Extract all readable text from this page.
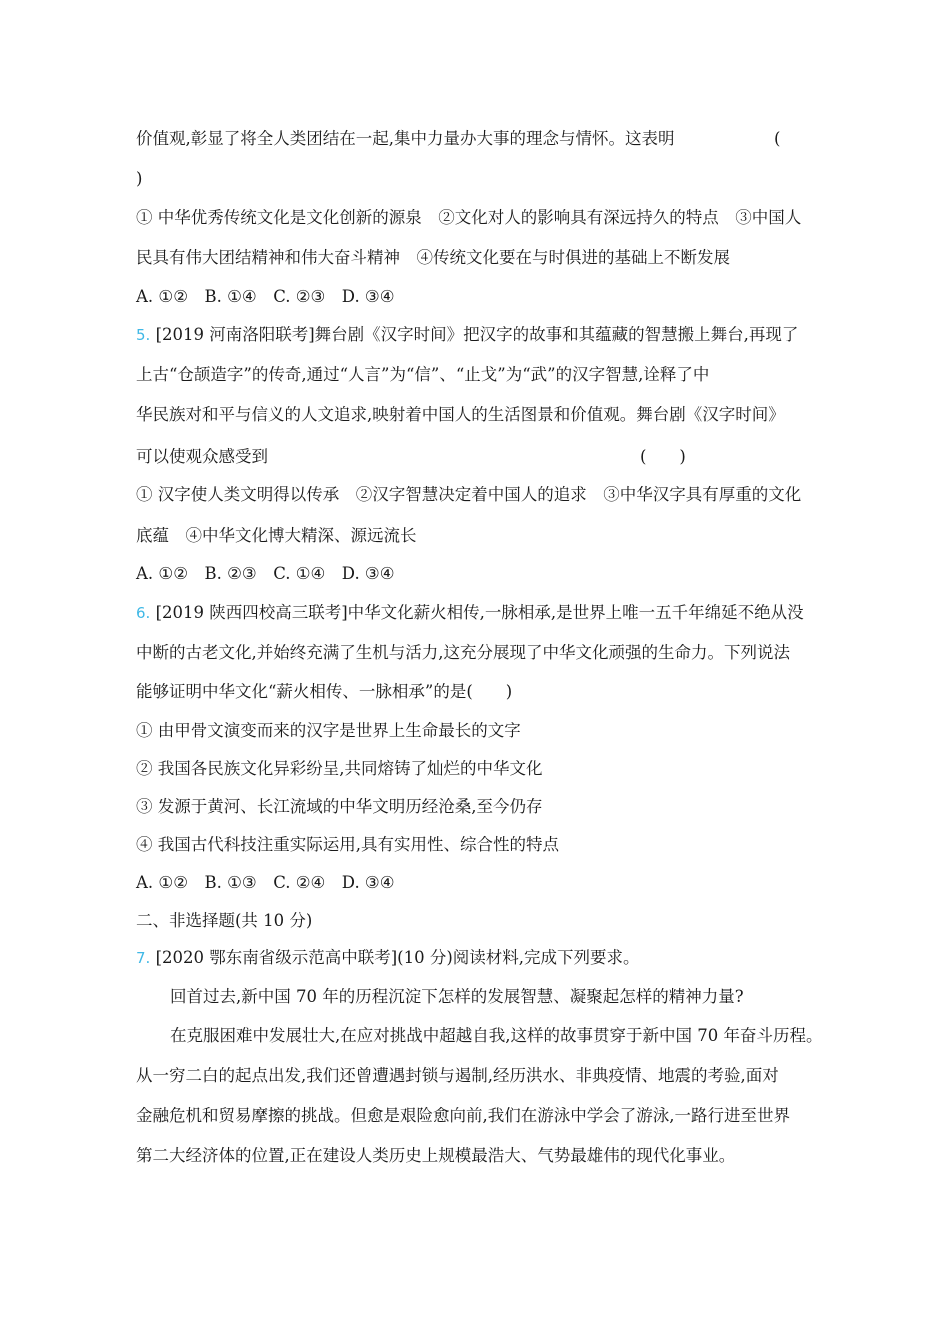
价值观,彰显了将全人类团结在一起,集中力量办大事的理念与情怀。这表明	(
)
① 中华优秀传统文化是文化创新的源泉　②文化对人的影响具有深远持久的特点　③中国人
民具有伟大团结精神和伟大奋斗精神　④传统文化要在与时俱进的基础上不断发展
A. ①②　B. ①④　C. ②③　D. ③④
5. [2019 河南洛阳联考]舞台剧《汉字时间》把汉字的故事和其蕴藏的智慧搬上舞台,再现了
上古“仓颉造字”的传奇,通过“人言”为“信”、“止戈”为“武”的汉字智慧,诠释了中
华民族对和平与信义的人文追求,映射着中国人的生活图景和价值观。舞台剧《汉字时间》
可以使观众感受到	(　　)
① 汉字使人类文明得以传承　②汉字智慧决定着中国人的追求　③中华汉字具有厚重的文化
底蕴　④中华文化博大精深、源远流长
A. ①②　B. ②③　C. ①④　D. ③④
6. [2019 陕西四校高三联考]中华文化薪火相传,一脉相承,是世界上唯一五千年绵延不绝从没
中断的古老文化,并始终充满了生机与活力,这充分展现了中华文化顽强的生命力。下列说法
能够证明中华文化“薪火相传、一脉相承”的是(　　)
① 由甲骨文演变而来的汉字是世界上生命最长的文字
② 我国各民族文化异彩纷呈,共同熔铸了灿烂的中华文化
③ 发源于黄河、长江流域的中华文明历经沧桑,至今仍存
④ 我国古代科技注重实际运用,具有实用性、综合性的特点
A. ①②　B. ①③　C. ②④　D. ③④
二、非选择题(共 10 分)
7. [2020 鄂东南省级示范高中联考](10 分)阅读材料,完成下列要求。
回首过去,新中国 70 年的历程沉淀下怎样的发展智慧、凝聚起怎样的精神力量?
在克服困难中发展壮大,在应对挑战中超越自我,这样的故事贯穿于新中国 70 年奋斗历程。
从一穷二白的起点出发,我们还曾遭遇封锁与遏制,经历洪水、非典疫情、地震的考验,面对
金融危机和贸易摩擦的挑战。但愈是艰险愈向前,我们在游泳中学会了游泳,一路行进至世界
第二大经济体的位置,正在建设人类历史上规模最浩大、气势最雄伟的现代化事业。
